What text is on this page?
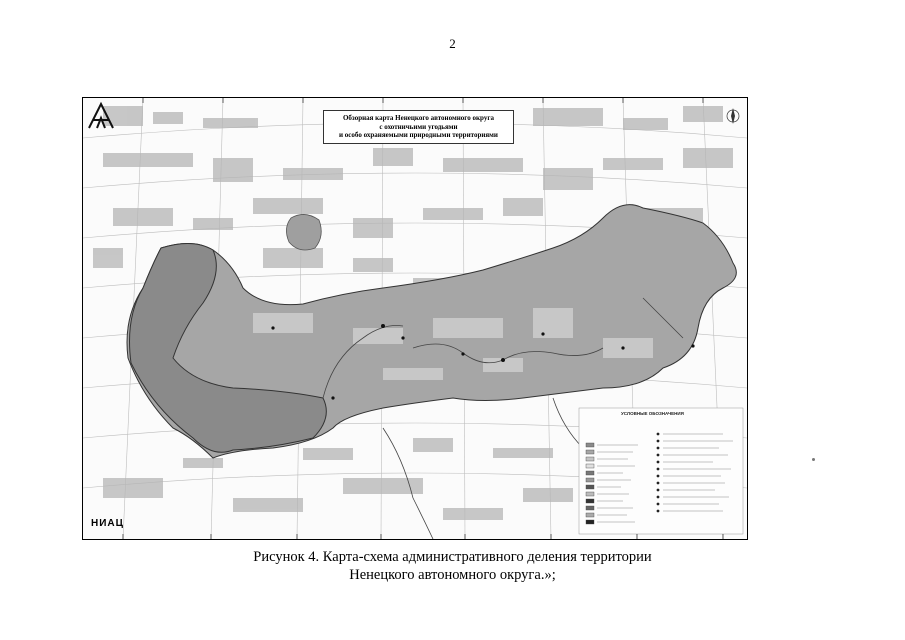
2
Обзорная карта Ненецкого автономного округа
с охотничьими угодьями
и особо охраняемыми природными территориями
УСЛОВНЫЕ ОБОЗНАЧЕНИЯ
НИАЦ
Рисунок 4. Карта-схема административного деления территории
Ненецкого автономного округа.»;
